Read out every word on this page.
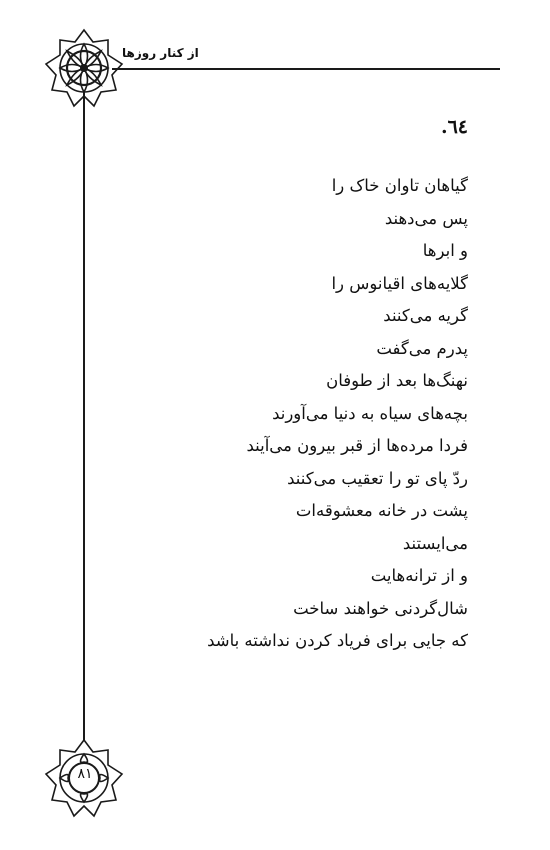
از کنار روزها
.٦٤
گیاهان تاوان خاک را
پس می‌دهند
و ابرها
گلایه‌های اقیانوس را
گریه می‌کنند
پدرم می‌گفت
نهنگ‌ها بعد از طوفان
بچه‌های سیاه به دنیا می‌آورند
فردا مرده‌ها از قبر بیرون می‌آیند
ردّ پای تو را تعقیب می‌کنند
پشت در خانه معشوقه‌ات
می‌ایستند
و از ترانه‌هایت
شال‌گردنی خواهند ساخت
که جایی برای فریاد کردن نداشته باشد
٨١
